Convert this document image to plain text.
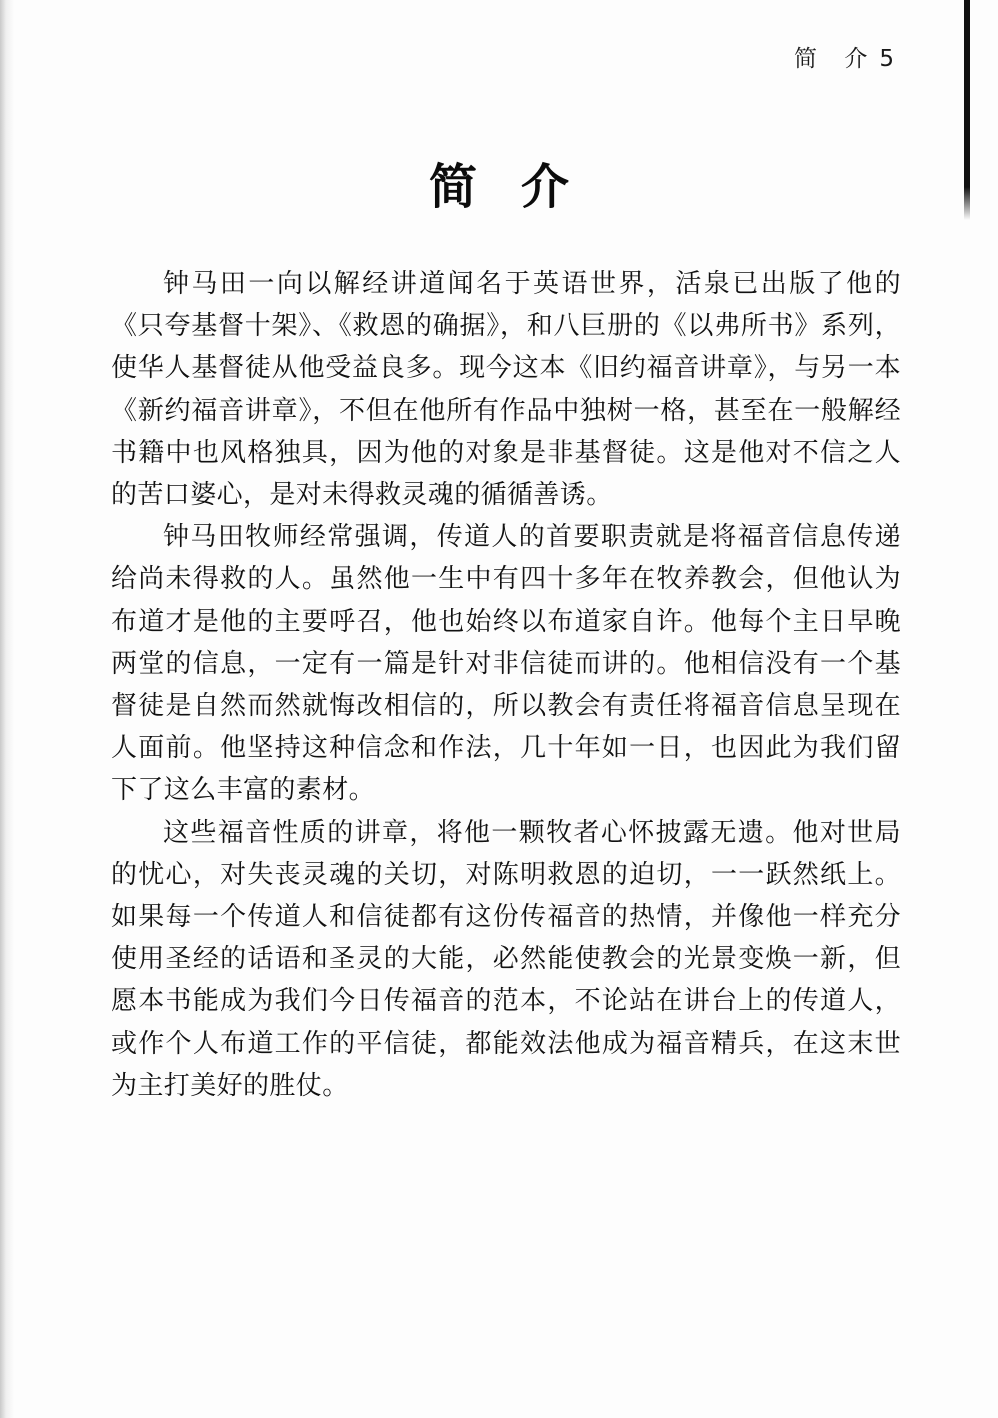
简 介5
简介

钟马田一向以解经讲道闻名于英语世界，活泉已出版了他的《只夸基督十架》、《救恩的确据》，和八巨册的《以弗所书》系列，使华人基督徒从他受益良多。现今这本《旧约福音讲章》，与另一本《新约福音讲章》，不但在他所有作品中独树一格，甚至在一般解经书籍中也风格独具，因为他的对象是非基督徒。这是他对不信之人的苦口婆心，是对未得救灵魂的循循善诱。

钟马田牧师经常强调，传道人的首要职责就是将福音信息传递给尚未得救的人。虽然他一生中有四十多年在牧养教会，但他认为布道才是他的主要呼召，他也始终以布道家自许。他每个主日早晚两堂的信息，一定有一篇是针对非信徒而讲的。他相信没有一个基督徒是自然而然就悔改相信的，所以教会有责任将福音信息呈现在人面前。他坚持这种信念和作法，几十年如一日，也因此为我们留下了这么丰富的素材。

这些福音性质的讲章，将他一颗牧者心怀披露无遗。他对世局的忧心，对失丧灵魂的关切，对陈明救恩的迫切，一一跃然纸上。如果每一个传道人和信徒都有这份传福音的热情，并像他一样充分使用圣经的话语和圣灵的大能，必然能使教会的光景变焕一新，但愿本书能成为我们今日传福音的范本，不论站在讲台上的传道人，或作个人布道工作的平信徒，都能效法他成为福音精兵，在这末世为主打美好的胜仗。
